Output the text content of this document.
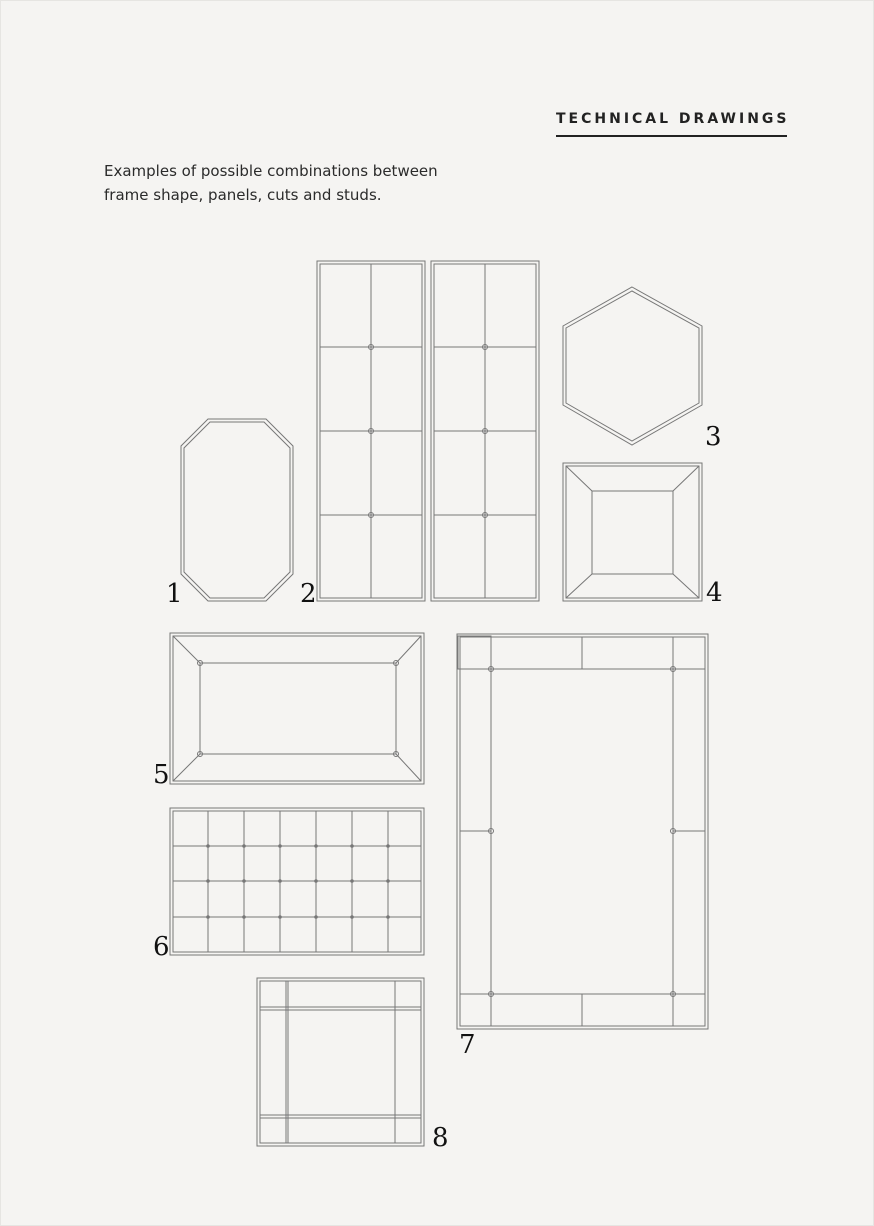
TECHNICAL DRAWINGS
Examples of possible combinations between
frame shape, panels, cuts and studs.
1	2
3
4
5
6
7
8
